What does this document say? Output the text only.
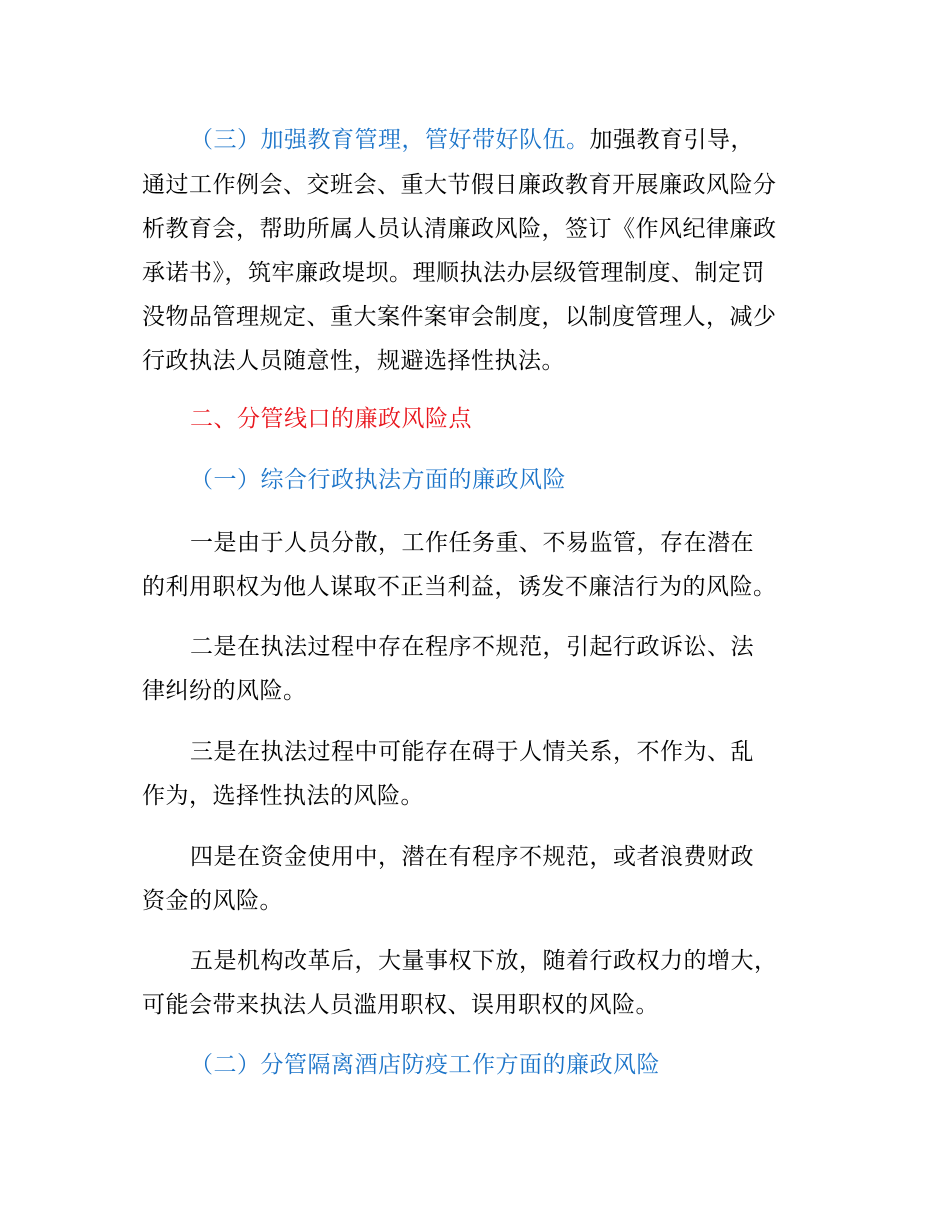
（三）加强教育管理，管好带好队伍。加强教育引导，
通过工作例会、交班会、重大节假日廉政教育开展廉政风险分
析教育会，帮助所属人员认清廉政风险，签订《作风纪律廉政
承诺书》，筑牢廉政堤坝。理顺执法办层级管理制度、制定罚
没物品管理规定、重大案件案审会制度，以制度管理人，减少
行政执法人员随意性，规避选择性执法。
二、分管线口的廉政风险点
（一）综合行政执法方面的廉政风险
一是由于人员分散，工作任务重、不易监管，存在潜在
的利用职权为他人谋取不正当利益，诱发不廉洁行为的风险。
二是在执法过程中存在程序不规范，引起行政诉讼、法
律纠纷的风险。
三是在执法过程中可能存在碍于人情关系，不作为、乱
作为，选择性执法的风险。
四是在资金使用中，潜在有程序不规范，或者浪费财政
资金的风险。
五是机构改革后，大量事权下放，随着行政权力的增大，
可能会带来执法人员滥用职权、误用职权的风险。
（二）分管隔离酒店防疫工作方面的廉政风险
